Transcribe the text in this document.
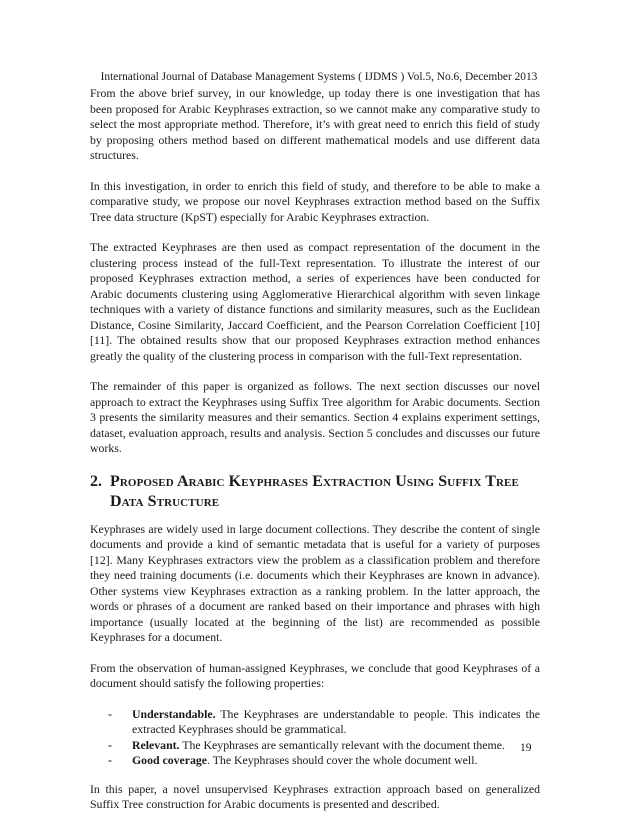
International Journal of Database Management Systems ( IJDMS ) Vol.5, No.6, December 2013

From the above brief survey, in our knowledge, up today there is one investigation that has been proposed for Arabic Keyphrases extraction, so we cannot make any comparative study to select the most appropriate method. Therefore, it’s with great need to enrich this field of study by proposing others method based on different mathematical models and use different data structures.

In this investigation, in order to enrich this field of study, and therefore to be able to make a comparative study, we propose our novel Keyphrases extraction method based on the Suffix Tree data structure (KpST) especially for Arabic Keyphrases extraction.

The extracted Keyphrases are then used as compact representation of the document in the clustering process instead of the full-Text representation. To illustrate the interest of our proposed Keyphrases extraction method, a series of experiences have been conducted for Arabic documents clustering using Agglomerative Hierarchical algorithm with seven linkage techniques with a variety of distance functions and similarity measures, such as the Euclidean Distance, Cosine Similarity, Jaccard Coefficient, and the Pearson Correlation Coefficient [10][11]. The obtained results show that our proposed Keyphrases extraction method enhances greatly the quality of the clustering process in comparison with the full-Text representation.

The remainder of this paper is organized as follows. The next section discusses our novel approach to extract the Keyphrases using Suffix Tree algorithm for Arabic documents. Section 3 presents the similarity measures and their semantics. Section 4 explains experiment settings, dataset, evaluation approach, results and analysis. Section 5 concludes and discusses our future works.

2. Proposed Arabic Keyphrases Extraction Using Suffix Tree Data Structure

Keyphrases are widely used in large document collections. They describe the content of single documents and provide a kind of semantic metadata that is useful for a variety of purposes [12]. Many Keyphrases extractors view the problem as a classification problem and therefore they need training documents (i.e. documents which their Keyphrases are known in advance). Other systems view Keyphrases extraction as a ranking problem. In the latter approach, the words or phrases of a document are ranked based on their importance and phrases with high importance (usually located at the beginning of the list) are recommended as possible Keyphrases for a document.

From the observation of human-assigned Keyphrases, we conclude that good Keyphrases of a document should satisfy the following properties:

-	Understandable. The Keyphrases are understandable to people. This indicates the extracted Keyphrases should be grammatical.
-	Relevant. The Keyphrases are semantically relevant with the document theme.
-	Good coverage. The Keyphrases should cover the whole document well.

In this paper, a novel unsupervised Keyphrases extraction approach based on generalized Suffix Tree construction for Arabic documents is presented and described.

19
